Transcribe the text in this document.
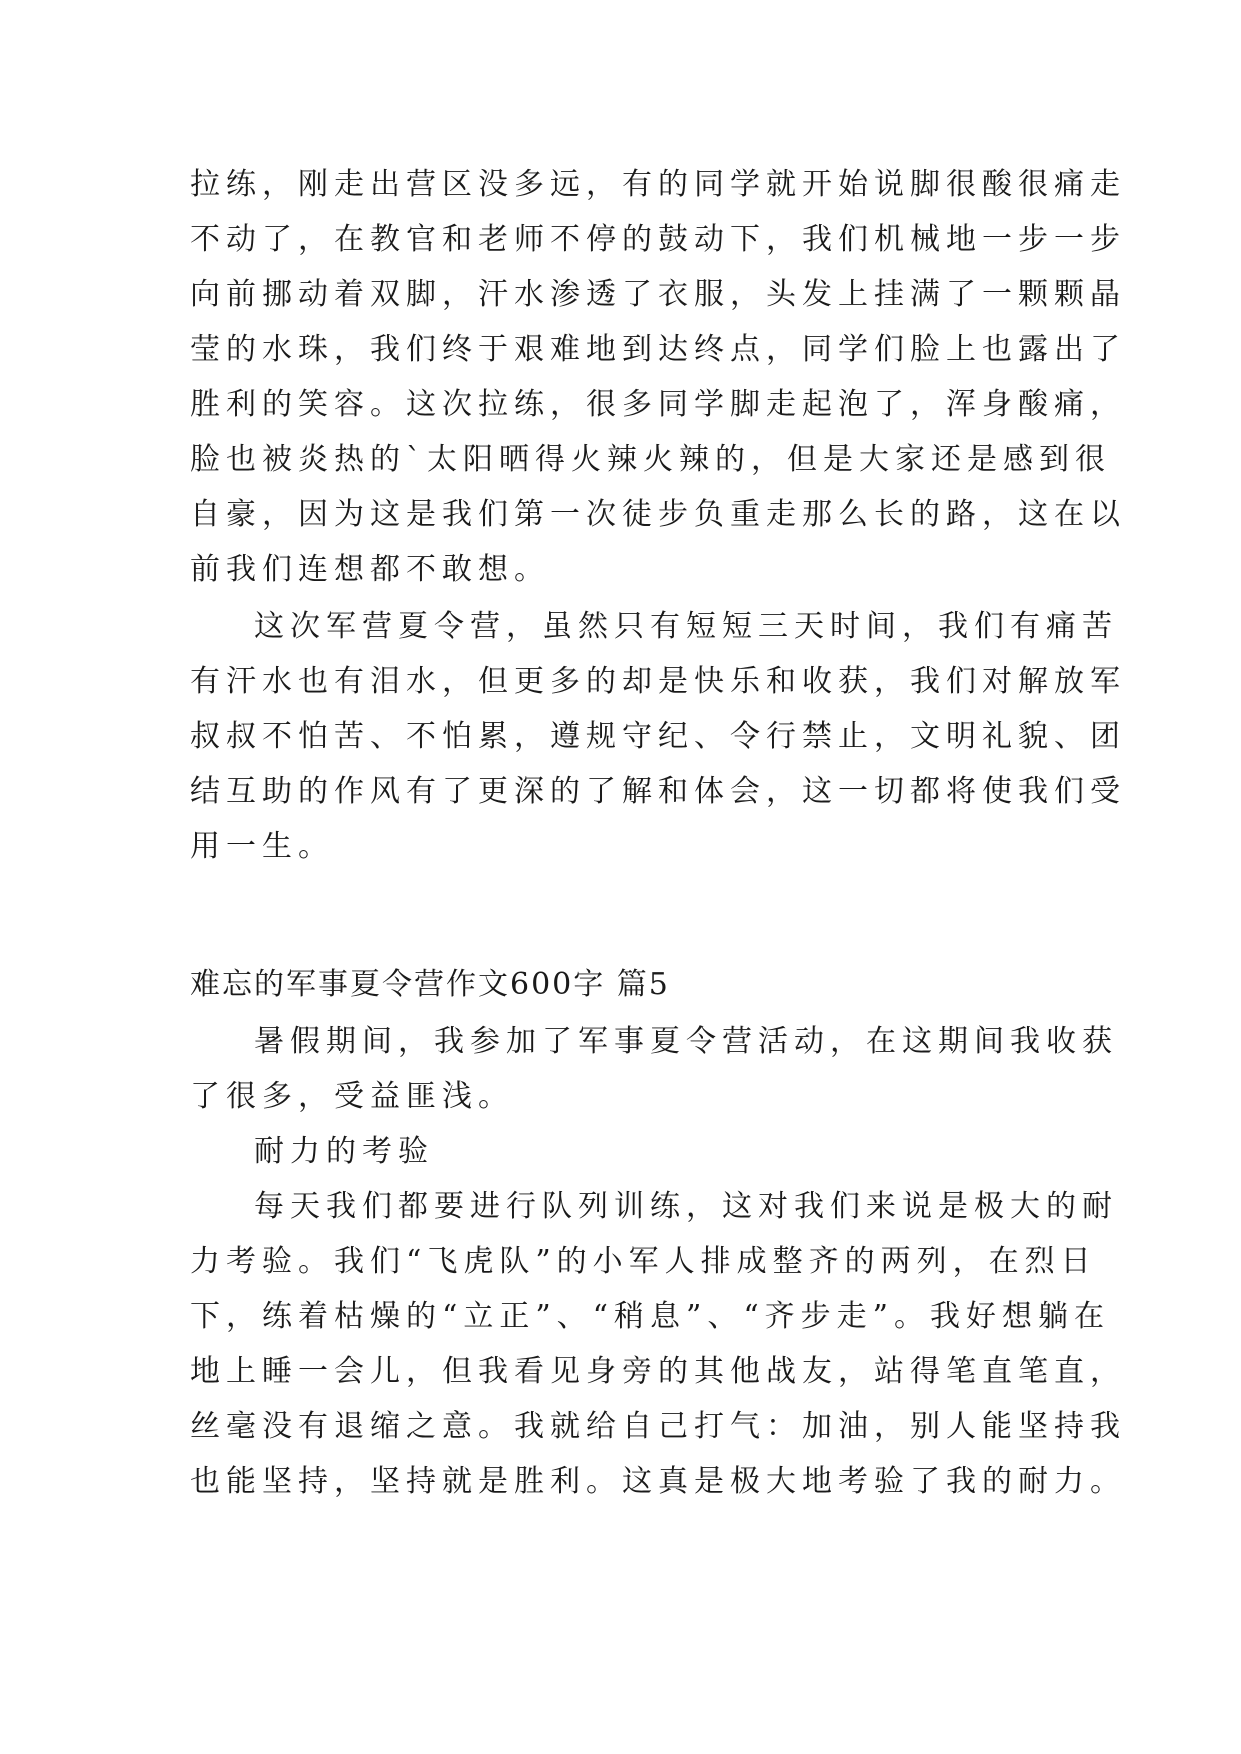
拉练，刚走出营区没多远，有的同学就开始说脚很酸很痛走
不动了，在教官和老师不停的鼓动下，我们机械地一步一步
向前挪动着双脚，汗水渗透了衣服，头发上挂满了一颗颗晶
莹的水珠，我们终于艰难地到达终点，同学们脸上也露出了
胜利的笑容。这次拉练，很多同学脚走起泡了，浑身酸痛，
脸也被炎热的`太阳晒得火辣火辣的，但是大家还是感到很
自豪，因为这是我们第一次徒步负重走那么长的路，这在以
前我们连想都不敢想。
这次军营夏令营，虽然只有短短三天时间，我们有痛苦
有汗水也有泪水，但更多的却是快乐和收获，我们对解放军
叔叔不怕苦、不怕累，遵规守纪、令行禁止，文明礼貌、团
结互助的作风有了更深的了解和体会，这一切都将使我们受
用一生。
难忘的军事夏令营作文600字 篇5
暑假期间，我参加了军事夏令营活动，在这期间我收获
了很多，受益匪浅。
耐力的考验
每天我们都要进行队列训练，这对我们来说是极大的耐
力考验。我们“飞虎队”的小军人排成整齐的两列，在烈日
下，练着枯燥的“立正”、“稍息”、“齐步走”。我好想躺在
地上睡一会儿，但我看见身旁的其他战友，站得笔直笔直，
丝毫没有退缩之意。我就给自己打气：加油，别人能坚持我
也能坚持，坚持就是胜利。这真是极大地考验了我的耐力。
